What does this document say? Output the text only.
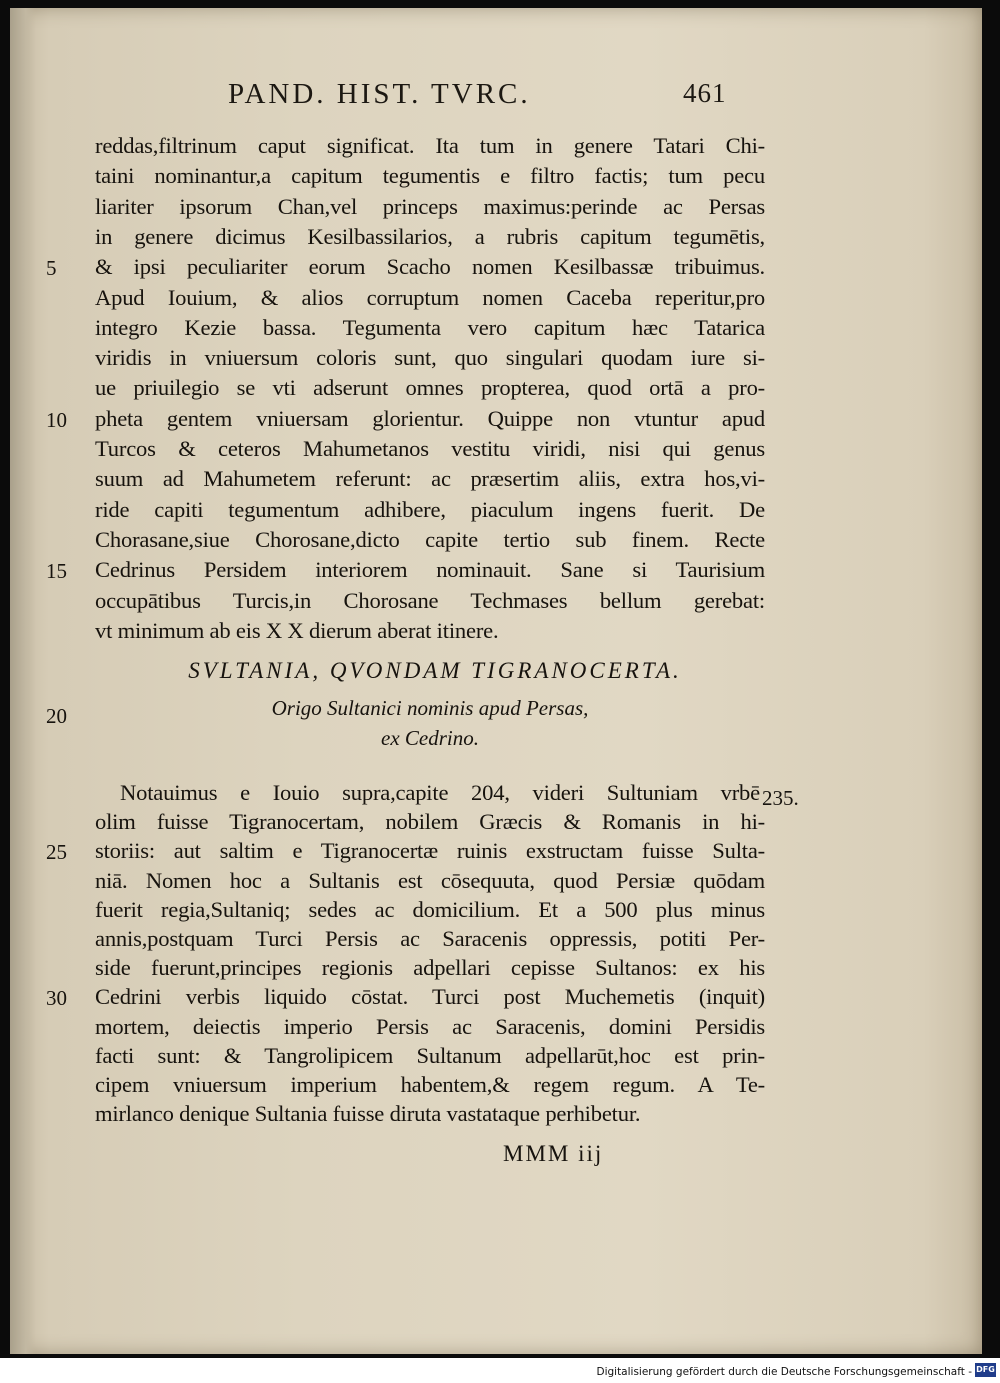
PAND. HIST. TVRC.	461
reddas,filtrinum caput significat. Ita tum in genere Tatari Chi-
taini nominantur,a capitum tegumentis e filtro factis; tum pecu
liariter ipsorum Chan,vel princeps maximus:perinde ac Persas
in genere dicimus Kesilbassilarios, a rubris capitum tegumētis,
& ipsi peculiariter eorum Scacho nomen Kesilbassæ tribuimus.
5
Apud Iouium, & alios corruptum nomen Caceba reperitur,pro
integro Kezie bassa. Tegumenta vero capitum hæc Tatarica
viridis in vniuersum coloris sunt, quo singulari quodam iure si-
ue priuilegio se vti adserunt omnes propterea, quod ortā a pro-
pheta gentem vniuersam glorientur. Quippe non vtuntur apud
10
Turcos & ceteros Mahumetanos vestitu viridi, nisi qui genus
suum ad Mahumetem referunt: ac præsertim aliis, extra hos,vi-
ride capiti tegumentum adhibere, piaculum ingens fuerit. De
Chorasane,siue Chorosane,dicto capite tertio sub finem. Recte
Cedrinus Persidem interiorem nominauit. Sane si Taurisium
15
occupātibus Turcis,in Chorosane Techmases bellum gerebat:
vt minimum ab eis X X dierum aberat itinere.
Notauimus e Iouio supra,capite 204, videri Sultuniam vrbē
olim fuisse Tigranocertam, nobilem Græcis & Romanis in hi-
storiis: aut saltim e Tigranocertæ ruinis exstructam fuisse Sulta-
25
niā. Nomen hoc a Sultanis est cōsequuta, quod Persiæ quōdam
fuerit regia,Sultaniq; sedes ac domicilium. Et a 500 plus minus
annis,postquam Turci Persis ac Saracenis oppressis, potiti Per-
side fuerunt,principes regionis adpellari cepisse Sultanos: ex his
Cedrini verbis liquido cōstat. Turci post Muchemetis (inquit)
30
mortem, deiectis imperio Persis ac Saracenis, domini Persidis
facti sunt: & Tangrolipicem Sultanum adpellarūt,hoc est prin-
cipem vniuersum imperium habentem,& regem regum. A Te-
mirlanco denique Sultania fuisse diruta vastataque perhibetur.
SVLTANIA, QVONDAM TIGRANOCERTA.
Origo Sultanici nominis apud Persas,
ex Cedrino.
20
235.
MMM iij
Digitalisierung gefördert durch die Deutsche Forschungsgemeinschaft - DFG
